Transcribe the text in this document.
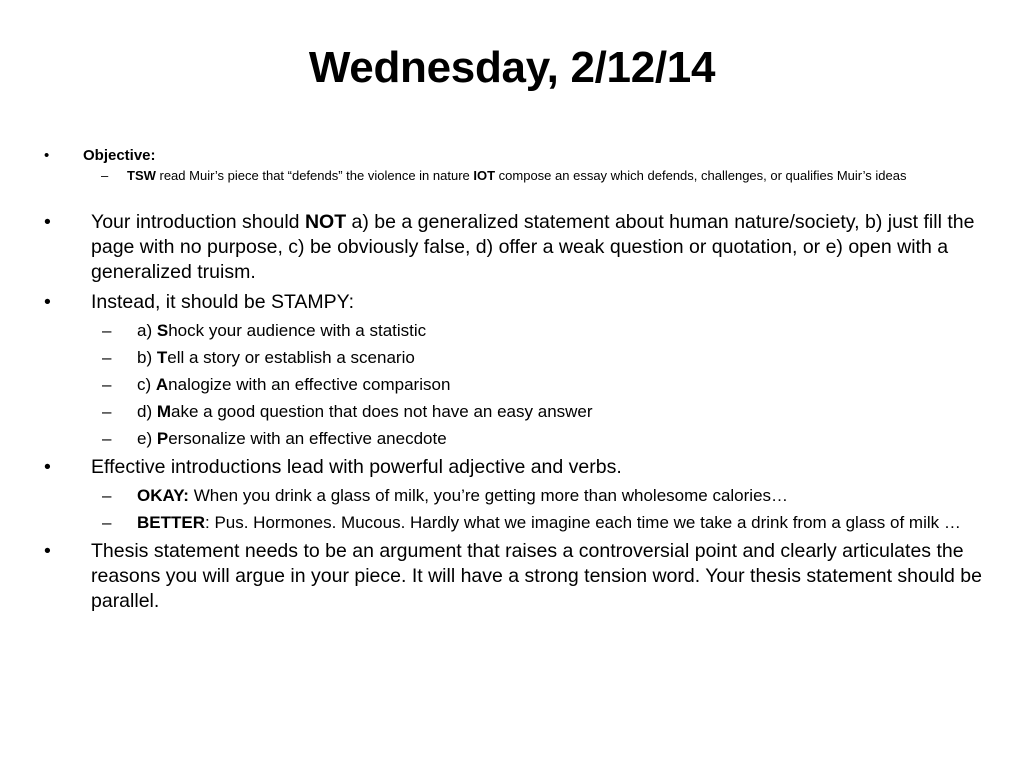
Wednesday, 2/12/14
•	Objective:
–	TSW read Muir’s piece that “defends” the violence in nature IOT compose an essay which defends, challenges, or qualifies Muir’s ideas
•	Your introduction should NOT a) be a generalized statement about human nature/society, b) just fill the page with no purpose, c) be obviously false, d) offer a weak question or quotation, or e) open with a generalized truism.
•	Instead, it should be STAMPY:
–	a) Shock your audience with a statistic
–	b) Tell a story or establish a scenario
–	c) Analogize with an effective comparison
–	d) Make a good question that does not have an easy answer
–	e) Personalize with an effective anecdote
•	Effective introductions lead with powerful adjective and verbs.
–	OKAY: When you drink a glass of milk, you’re getting more than wholesome calories…
–	BETTER: Pus. Hormones. Mucous. Hardly what we imagine each time we take a drink from a glass of milk …
•	Thesis statement needs to be an argument that raises a controversial point and clearly articulates the reasons you will argue in your piece. It will have a strong tension word. Your thesis statement should be parallel.
